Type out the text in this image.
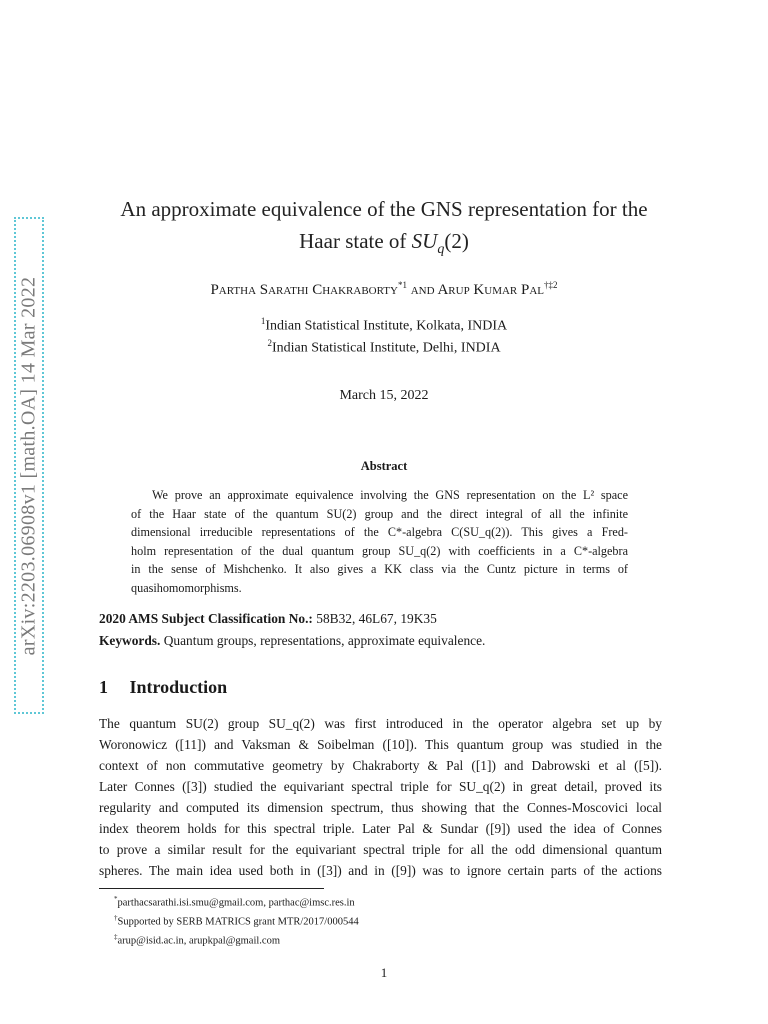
arXiv:2203.06908v1 [math.OA] 14 Mar 2022
An approximate equivalence of the GNS representation for the
Haar state of $SU_q(2)$
Partha Sarathi Chakraborty$^{*1}$ and Arup Kumar Pal$^{\dagger\ddagger 2}$
$^1$Indian Statistical Institute, Kolkata, INDIA
$^2$Indian Statistical Institute, Delhi, INDIA
March 15, 2022
Abstract
We prove an approximate equivalence involving the GNS representation on the L² space
of the Haar state of the quantum SU(2) group and the direct integral of all the infinite
dimensional irreducible representations of the C*-algebra C(SU_q(2)). This gives a Fred-
holm representation of the dual quantum group SU_q(2) with coefficients in a C*-algebra
in the sense of Mishchenko. It also gives a KK class via the Cuntz picture in terms of
quasihomomorphisms.
2020 AMS Subject Classification No.: 58B32, 46L67, 19K35
Keywords. Quantum groups, representations, approximate equivalence.
1 Introduction
The quantum SU(2) group SU_q(2) was first introduced in the operator algebra set up by
Woronowicz ([11]) and Vaksman & Soibelman ([10]). This quantum group was studied in the
context of non commutative geometry by Chakraborty & Pal ([1]) and Dabrowski et al ([5]).
Later Connes ([3]) studied the equivariant spectral triple for SU_q(2) in great detail, proved its
regularity and computed its dimension spectrum, thus showing that the Connes-Moscovici local
index theorem holds for this spectral triple. Later Pal & Sundar ([9]) used the idea of Connes
to prove a similar result for the equivariant spectral triple for all the odd dimensional quantum
spheres. The main idea used both in ([3]) and in ([9]) was to ignore certain parts of the actions
*parthacsarathi.isi.smu@gmail.com, parthac@imsc.res.in
†Supported by SERB MATRICS grant MTR/2017/000544
‡arup@isid.ac.in, arupkpal@gmail.com
1
